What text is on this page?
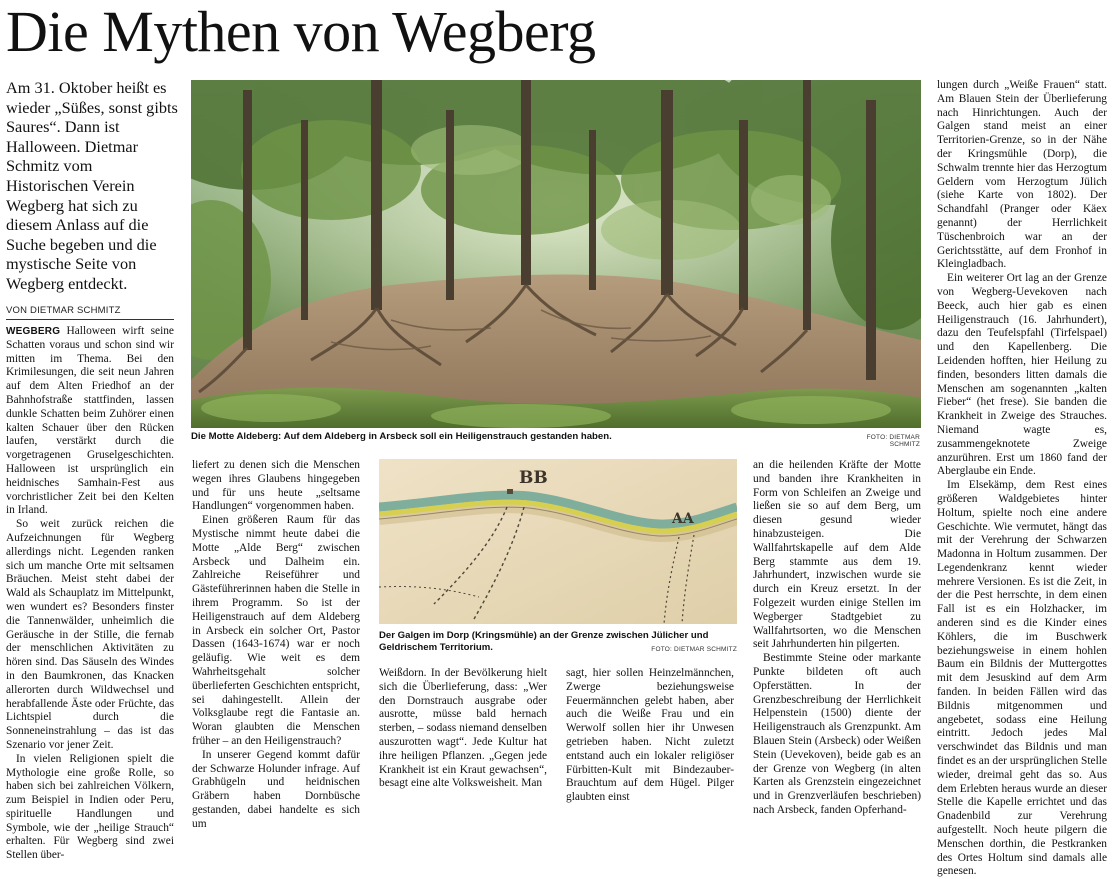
Die Mythen von Wegberg
Am 31. Oktober heißt es wieder „Süßes, sonst gibts Saures“. Dann ist Halloween. Dietmar Schmitz vom Historischen Verein Wegberg hat sich zu diesem Anlass auf die Suche begeben und die mystische Seite von Wegberg entdeckt.
VON DIETMAR SCHMITZ

WEGBERG Halloween wirft seine Schatten voraus und schon sind wir mitten im Thema. Bei den Krimilesungen, die seit neun Jahren auf dem Alten Friedhof an der Bahnhofstraße stattfinden, lassen dunkle Schatten beim Zuhörer einen kalten Schauer über den Rücken laufen, verstärkt durch die vorgetragenen Gruselgeschichten. Halloween ist ursprünglich ein heidnisches Samhain-Fest aus vorchristlicher Zeit bei den Kelten in Irland.

So weit zurück reichen die Aufzeichnungen für Wegberg allerdings nicht. Legenden ranken sich um manche Orte mit seltsamen Bräuchen. Meist steht dabei der Wald als Schauplatz im Mittelpunkt, wen wundert es? Besonders finster die Tannenwälder, unheimlich die Geräusche in der Stille, die fernab der menschlichen Aktivitäten zu hören sind. Das Säuseln des Windes in den Baumkronen, das Knacken allerorten durch Wildwechsel und herabfallende Äste oder Früchte, das Lichtspiel durch die Sonneneinstrahlung – das ist das Szenario vor jener Zeit.

In vielen Religionen spielt die Mythologie eine große Rolle, so haben sich bei zahlreichen Völkern, zum Beispiel in Indien oder Peru, spirituelle Handlungen und Symbole, wie der „heilige Strauch“ erhalten. Für Wegberg sind zwei Stellen über-

Die Motte Aldeberg: Auf dem Aldeberg in Arsbeck soll ein Heiligenstrauch gestanden haben.	FOTO: DIETMAR SCHMITZ

liefert zu denen sich die Menschen wegen ihres Glaubens hingegeben und für uns heute „seltsame Handlungen“ vorgenommen haben.

Einen größeren Raum für das Mystische nimmt heute dabei die Motte „Alde Berg“ zwischen Arsbeck und Dalheim ein. Zahlreiche Reiseführer und Gästeführerinnen haben die Stelle in ihrem Programm. So ist der Heiligenstrauch auf dem Aldeberg in Arsbeck ein solcher Ort, Pastor Dassen (1643-1674) war er noch geläufig. Wie weit es dem Wahrheitsgehalt solcher überlieferten Geschichten entspricht, sei dahingestellt. Allein der Volksglaube regt die Fantasie an. Woran glaubten die Menschen früher – an den Heiligenstrauch?

In unserer Gegend kommt dafür der Schwarze Holunder infrage. Auf Grabhügeln und heidnischen Gräbern haben Dornbüsche gestanden, dabei handelte es sich um

BB
AA
Der Galgen im Dorp (Kringsmühle) an der Grenze zwischen Jülicher und Geldrischem Territorium.	FOTO: DIETMAR SCHMITZ

Weißdorn. In der Bevölkerung hielt sich die Überlieferung, dass: „Wer den Dornstrauch ausgrabe oder ausrotte, müsse bald hernach sterben, – sodass niemand denselben auszurotten wagt“. Jede Kultur hat ihre heiligen Pflanzen. „Gegen jede Krankheit ist ein Kraut gewachsen“, besagt eine alte Volksweisheit. Man

sagt, hier sollen Heinzelmännchen, Zwerge beziehungsweise Feuermännchen gelebt haben, aber auch die Weiße Frau und ein Werwolf sollen hier ihr Unwesen getrieben haben. Nicht zuletzt entstand auch ein lokaler religiöser Fürbitten-Kult mit Bindezauber-Brauchtum auf dem Hügel. Pilger glaubten einst

an die heilenden Kräfte der Motte und banden ihre Krankheiten in Form von Schleifen an Zweige und ließen sie so auf dem Berg, um diesen gesund wieder hinabzusteigen. Die Wallfahrtskapelle auf dem Alde Berg stammte aus dem 19. Jahrhundert, inzwischen wurde sie durch ein Kreuz ersetzt. In der Folgezeit wurden einige Stellen im Wegberger Stadtgebiet zu Wallfahrtsorten, wo die Menschen seit Jahrhunderten hin pilgerten.

Bestimmte Steine oder markante Punkte bildeten oft auch Opferstätten. In der Grenzbeschreibung der Herrlichkeit Helpenstein (1500) diente der Heiligenstrauch als Grenzpunkt. Am Blauen Stein (Arsbeck) oder Weißen Stein (Uevekoven), beide gab es an der Grenze von Wegberg (in alten Karten als Grenzstein eingezeichnet und in Grenzverläufen beschrieben) nach Arsbeck, fanden Opferhand-

lungen durch „Weiße Frauen“ statt. Am Blauen Stein der Überlieferung nach Hinrichtungen. Auch der Galgen stand meist an einer Territorien-Grenze, so in der Nähe der Kringsmühle (Dorp), die Schwalm trennte hier das Herzogtum Geldern vom Herzogtum Jülich (siehe Karte von 1802). Der Schandfahl (Pranger oder Käex genannt) der Herrlichkeit Tüschenbroich war an der Gerichtsstätte, auf dem Fronhof in Kleingladbach.

Ein weiterer Ort lag an der Grenze von Wegberg-Uevekoven nach Beeck, auch hier gab es einen Heiligenstrauch (16. Jahrhundert), dazu den Teufelspfahl (Tirfelspael) und den Kapellenberg. Die Leidenden hofften, hier Heilung zu finden, besonders litten damals die Menschen am sogenannten „kalten Fieber“ (het frese). Sie banden die Krankheit in Zweige des Strauches. Niemand wagte es, zusammengeknotete Zweige anzurühren. Erst um 1860 fand der Aberglaube ein Ende.

Im Elsekämp, dem Rest eines größeren Waldgebietes hinter Holtum, spielte noch eine andere Geschichte. Wie vermutet, hängt das mit der Verehrung der Schwarzen Madonna in Holtum zusammen. Der Legendenkranz kennt wieder mehrere Versionen. Es ist die Zeit, in der die Pest herrschte, in dem einen Fall ist es ein Holzhacker, im anderen sind es die Kinder eines Köhlers, die im Buschwerk beziehungsweise in einem hohlen Baum ein Bildnis der Muttergottes mit dem Jesuskind auf dem Arm fanden. In beiden Fällen wird das Bildnis mitgenommen und angebetet, sodass eine Heilung eintritt. Jedoch jedes Mal verschwindet das Bildnis und man findet es an der ursprünglichen Stelle wieder, dreimal geht das so. Aus dem Erlebten heraus wurde an dieser Stelle die Kapelle errichtet und das Gnadenbild zur Verehrung aufgestellt. Noch heute pilgern die Menschen dorthin, die Pestkranken des Ortes Holtum sind damals alle genesen.
